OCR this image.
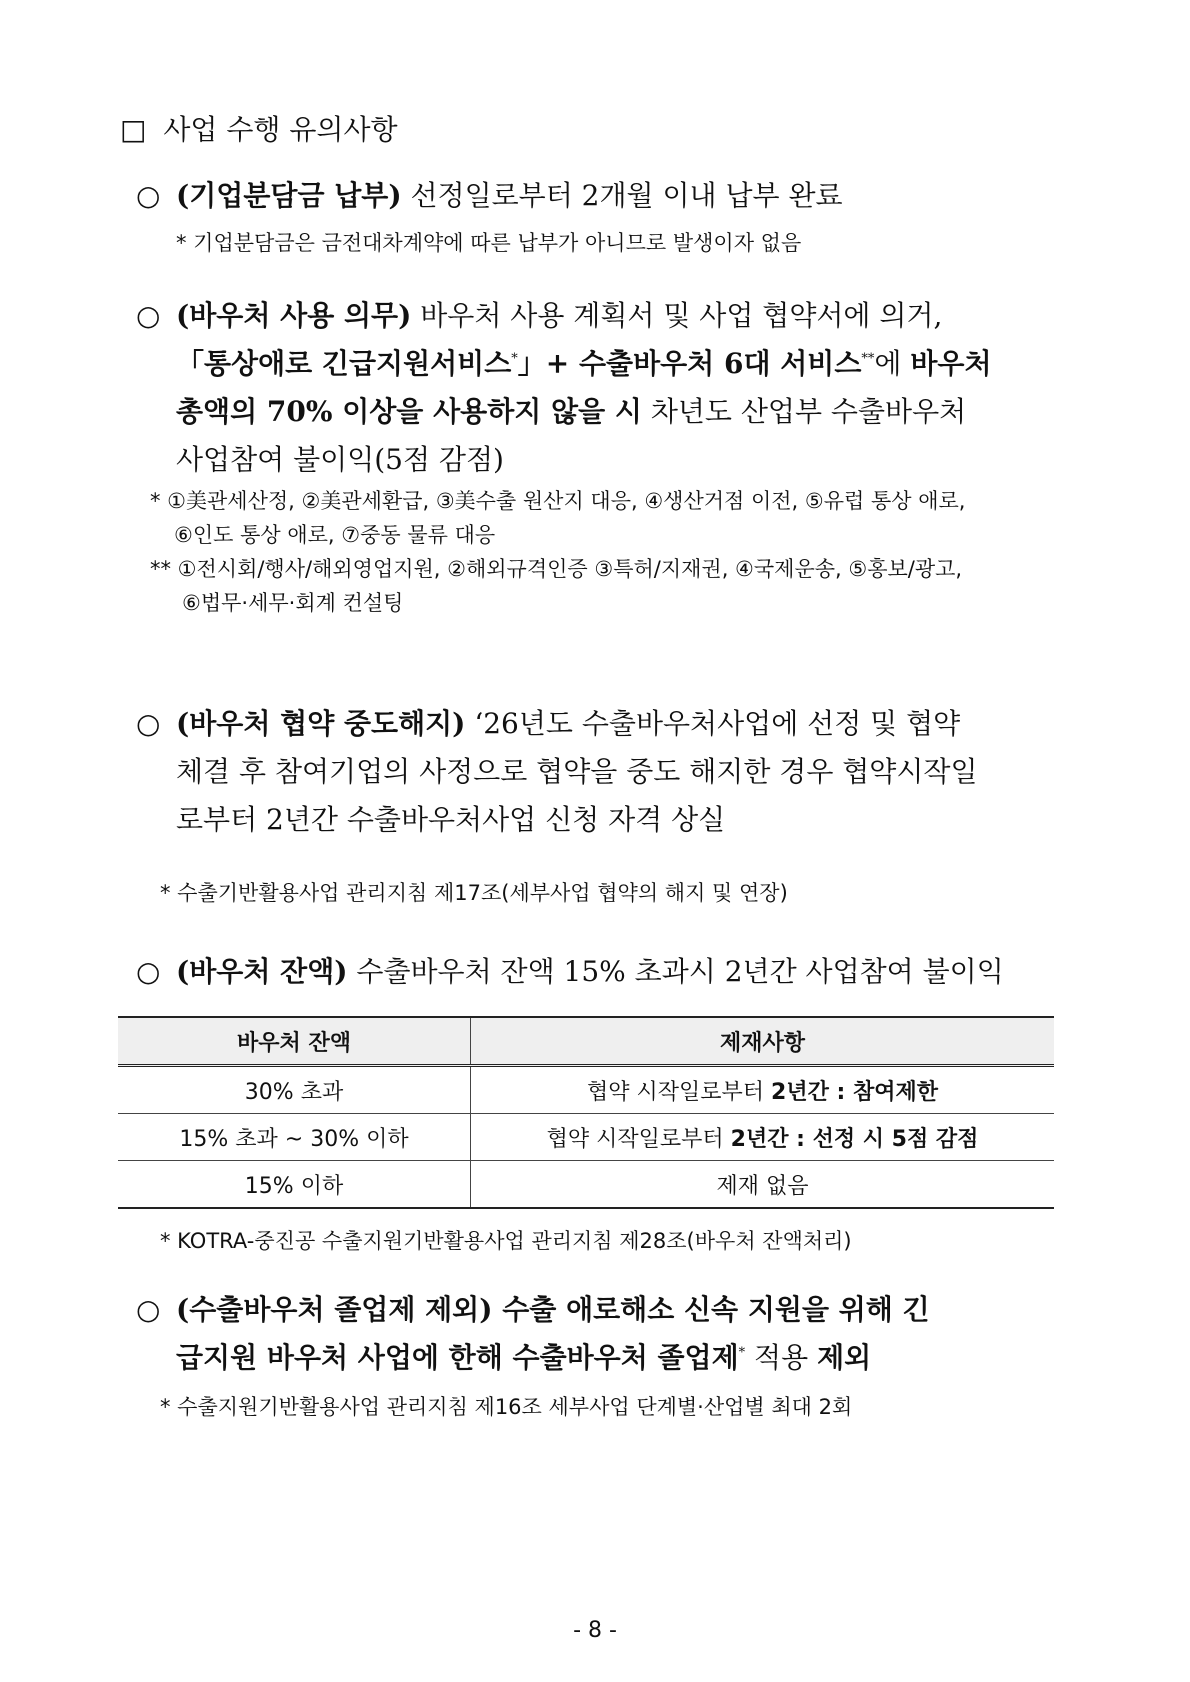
□ 사업 수행 유의사항
○ (기업분담금 납부) 선정일로부터 2개월 이내 납부 완료
* 기업분담금은 금전대차계약에 따른 납부가 아니므로 발생이자 없음
○ (바우처 사용 의무) 바우처 사용 계획서 및 사업 협약서에 의거,
「통상애로 긴급지원서비스*」+ 수출바우처 6대 서비스**에 바우처
총액의 70% 이상을 사용하지 않을 시 차년도 산업부 수출바우처
사업참여 불이익(5점 감점)
* ①美관세산정, ②美관세환급, ③美수출 원산지 대응, ④생산거점 이전, ⑤유럽 통상 애로,
⑥인도 통상 애로, ⑦중동 물류 대응
** ①전시회/행사/해외영업지원, ②해외규격인증 ③특허/지재권, ④국제운송, ⑤홍보/광고,
⑥법무·세무·회계 컨설팅
○ (바우처 협약 중도해지) ‘26년도 수출바우처사업에 선정 및 협약
체결 후 참여기업의 사정으로 협약을 중도 해지한 경우 협약시작일
로부터 2년간 수출바우처사업 신청 자격 상실
* 수출기반활용사업 관리지침 제17조(세부사업 협약의 해지 및 연장)
○ (바우처 잔액) 수출바우처 잔액 15% 초과시 2년간 사업참여 불이익
바우처 잔액	제재사항
30% 초과	협약 시작일로부터 2년간 : 참여제한
15% 초과 ~ 30% 이하	협약 시작일로부터 2년간 : 선정 시 5점 감점
15% 이하	제재 없음
* KOTRA-중진공 수출지원기반활용사업 관리지침 제28조(바우처 잔액처리)
○ (수출바우처 졸업제 제외) 수출 애로해소 신속 지원을 위해 긴
급지원 바우처 사업에 한해 수출바우처 졸업제* 적용 제외
* 수출지원기반활용사업 관리지침 제16조 세부사업 단계별·산업별 최대 2회
- 8 -
